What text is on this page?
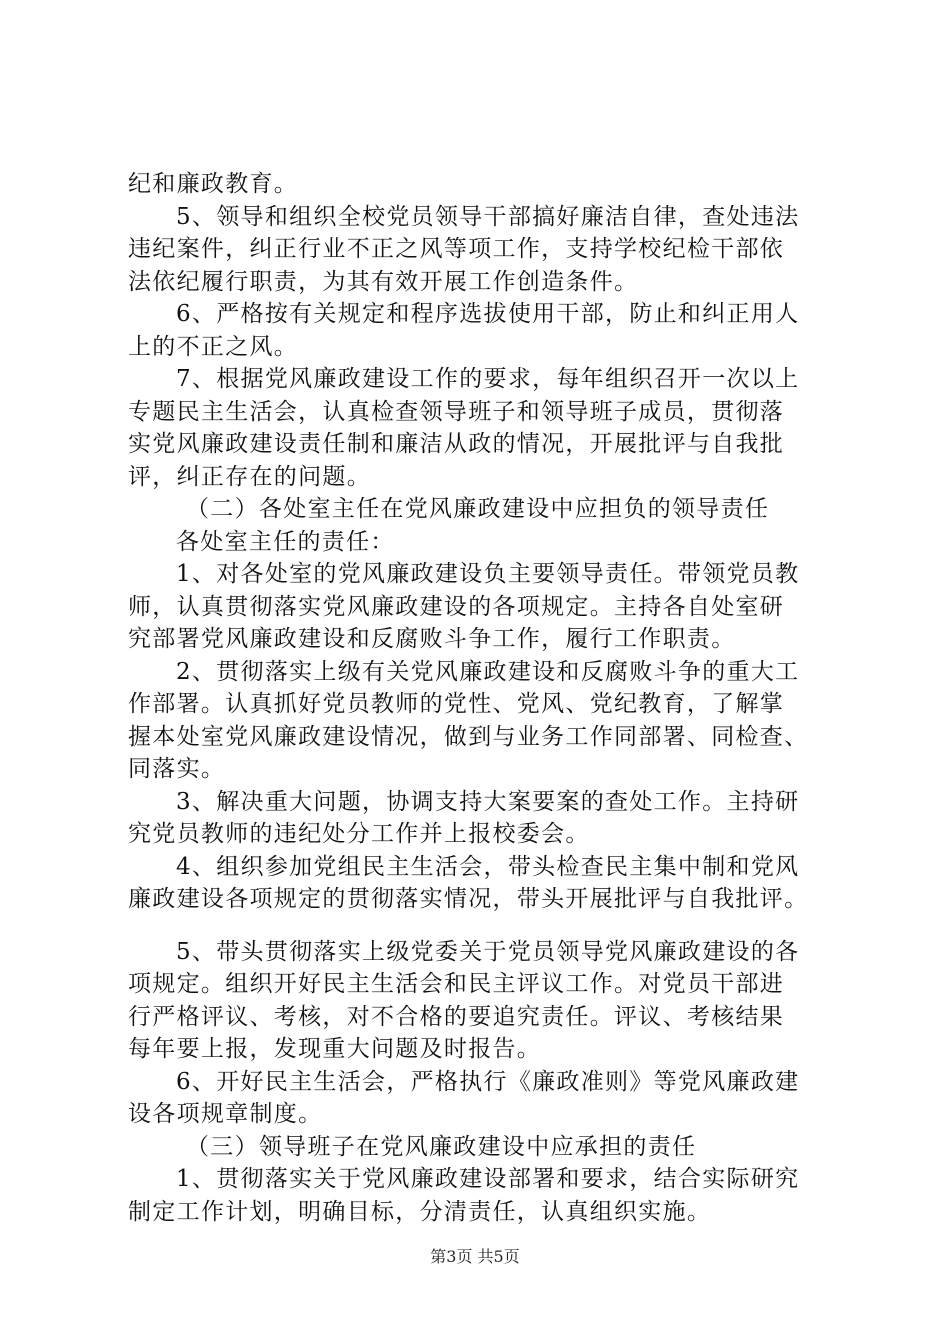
纪和廉政教育。
5、领导和组织全校党员领导干部搞好廉洁自律，查处违法
违纪案件，纠正行业不正之风等项工作，支持学校纪检干部依
法依纪履行职责，为其有效开展工作创造条件。
6、严格按有关规定和程序选拔使用干部，防止和纠正用人
上的不正之风。
7、根据党风廉政建设工作的要求，每年组织召开一次以上
专题民主生活会，认真检查领导班子和领导班子成员，贯彻落
实党风廉政建设责任制和廉洁从政的情况，开展批评与自我批
评，纠正存在的问题。
（二）各处室主任在党风廉政建设中应担负的领导责任
各处室主任的责任：
1、对各处室的党风廉政建设负主要领导责任。带领党员教
师，认真贯彻落实党风廉政建设的各项规定。主持各自处室研
究部署党风廉政建设和反腐败斗争工作，履行工作职责。
2、贯彻落实上级有关党风廉政建设和反腐败斗争的重大工
作部署。认真抓好党员教师的党性、党风、党纪教育，了解掌
握本处室党风廉政建设情况，做到与业务工作同部署、同检查、
同落实。
3、解决重大问题，协调支持大案要案的查处工作。主持研
究党员教师的违纪处分工作并上报校委会。
4、组织参加党组民主生活会，带头检查民主集中制和党风
廉政建设各项规定的贯彻落实情况，带头开展批评与自我批评。
5、带头贯彻落实上级党委关于党员领导党风廉政建设的各
项规定。组织开好民主生活会和民主评议工作。对党员干部进
行严格评议、考核，对不合格的要追究责任。评议、考核结果
每年要上报，发现重大问题及时报告。
6、开好民主生活会，严格执行《廉政准则》等党风廉政建
设各项规章制度。
（三）领导班子在党风廉政建设中应承担的责任
1、贯彻落实关于党风廉政建设部署和要求，结合实际研究
制定工作计划，明确目标，分清责任，认真组织实施。
第3页 共5页
